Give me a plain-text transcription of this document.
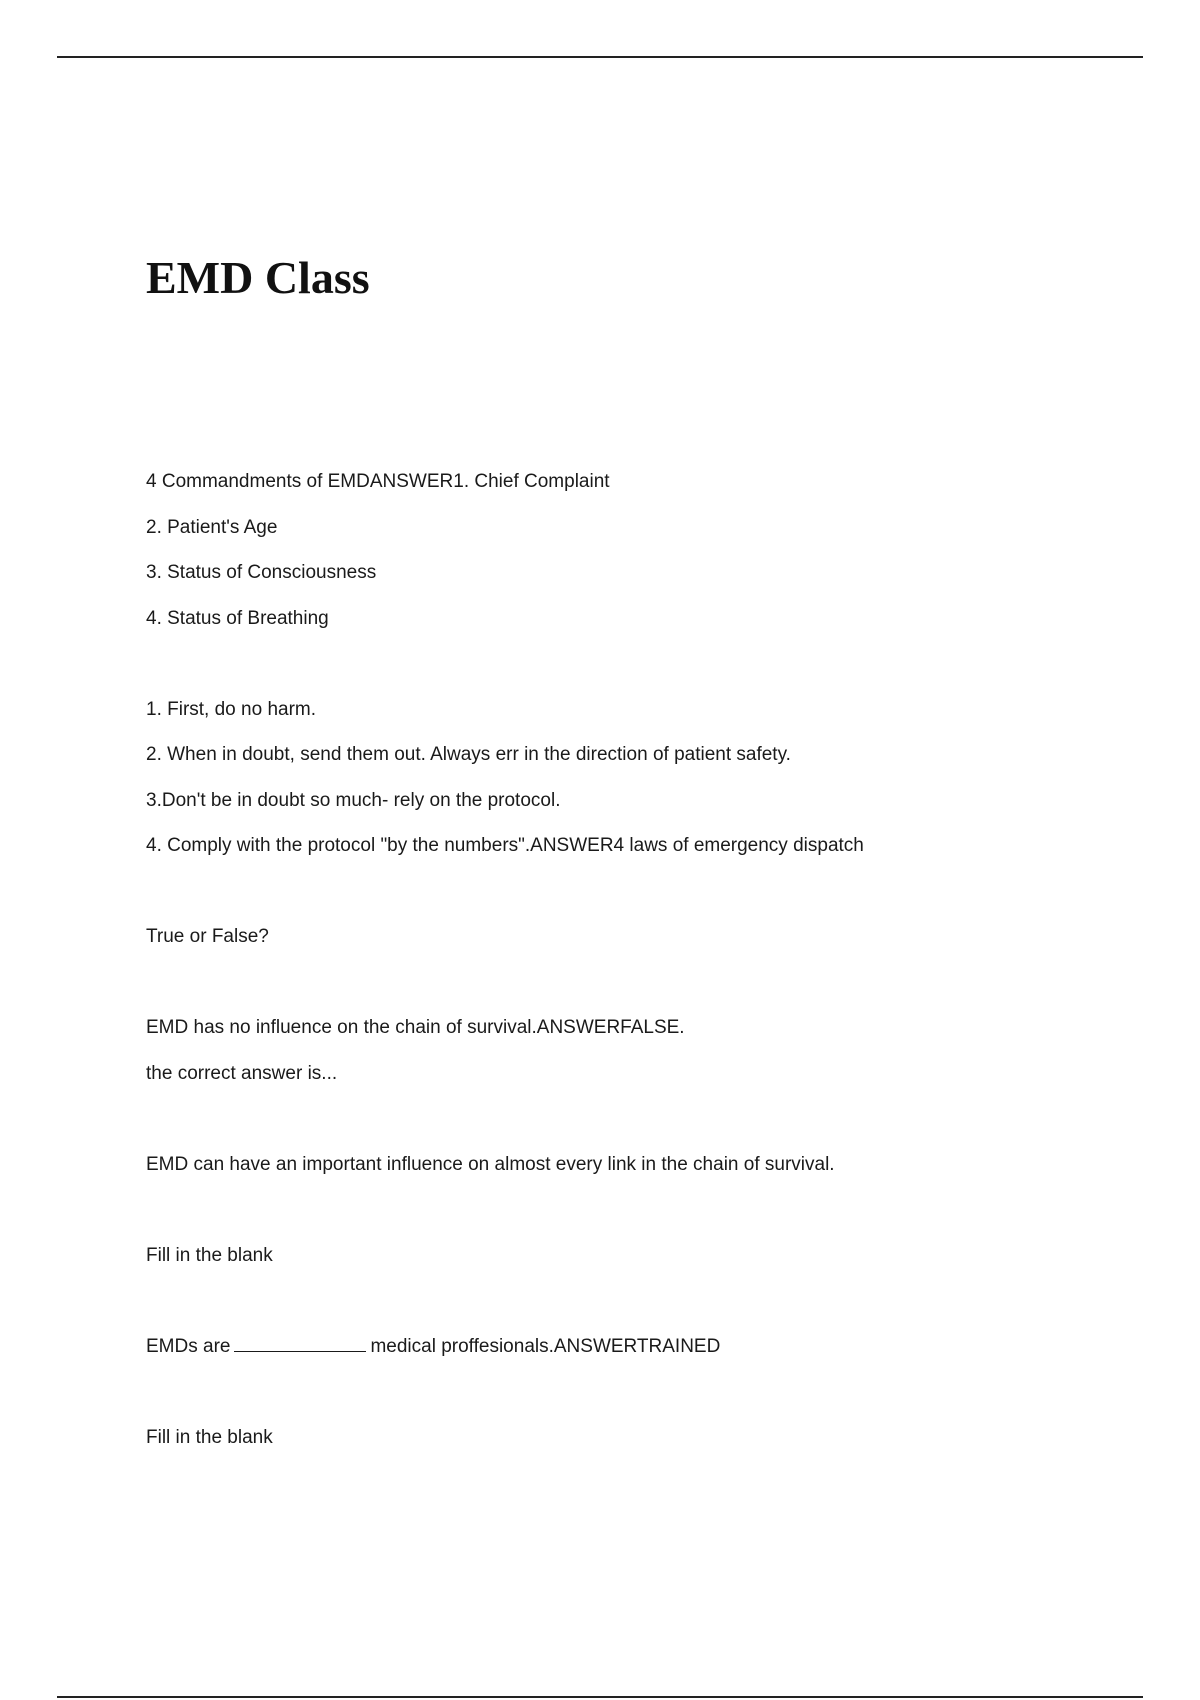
EMD Class

4 Commandments of EMDANSWER1. Chief Complaint

2. Patient's Age

3. Status of Consciousness

4. Status of Breathing

1. First, do no harm.

2. When in doubt, send them out. Always err in the direction of patient safety.

3.Don't be in doubt so much- rely on the protocol.

4. Comply with the protocol "by the numbers".ANSWER4 laws of emergency dispatch

True or False?

EMD has no influence on the chain of survival.ANSWERFALSE.

the correct answer is...

EMD can have an important influence on almost every link in the chain of survival.

Fill in the blank

EMDs are	medical proffesionals.ANSWERTRAINED

Fill in the blank
